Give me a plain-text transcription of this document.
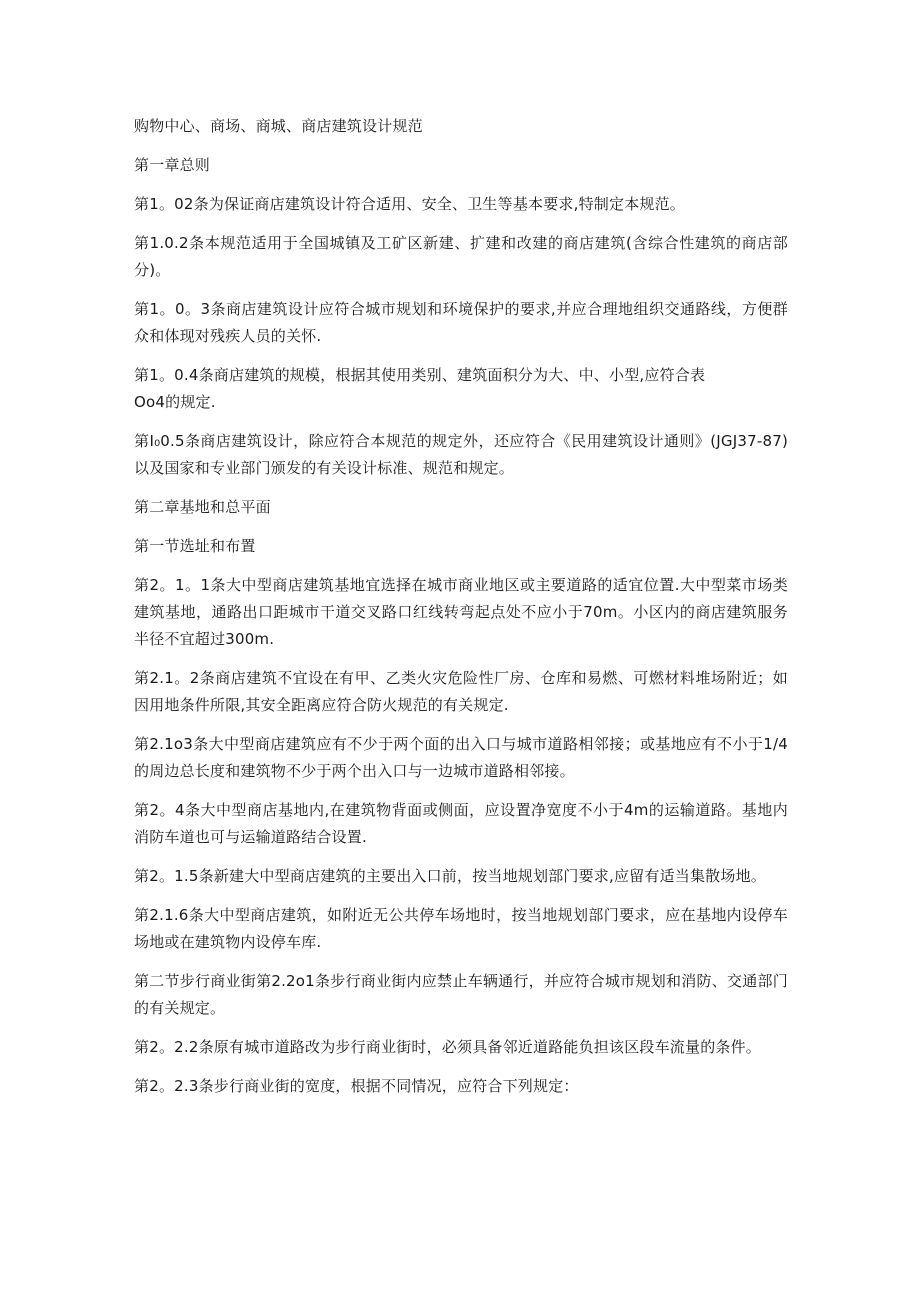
购物中心、商场、商城、商店建筑设计规范

第一章总则

第1。02条为保证商店建筑设计符合适用、安全、卫生等基本要求,特制定本规范。

第1.0.2条本规范适用于全国城镇及工矿区新建、扩建和改建的商店建筑(含综合性建筑的商店部分)。

第1。0。3条商店建筑设计应符合城市规划和环境保护的要求,并应合理地组织交通路线，方便群众和体现对残疾人员的关怀.

第1。0.4条商店建筑的规模，根据其使用类别、建筑面积分为大、中、小型,应符合表
Oo4的规定.

第I₀0.5条商店建筑设计，除应符合本规范的规定外，还应符合《民用建筑设计通则》(JGJ37-87)以及国家和专业部门颁发的有关设计标准、规范和规定。

第二章基地和总平面

第一节选址和布置

第2。1。1条大中型商店建筑基地宜选择在城市商业地区或主要道路的适宜位置.大中型菜市场类建筑基地，通路出口距城市干道交叉路口红线转弯起点处不应小于70m。小区内的商店建筑服务半径不宜超过300m.

第2.1。2条商店建筑不宜设在有甲、乙类火灾危险性厂房、仓库和易燃、可燃材料堆场附近；如因用地条件所限,其安全距离应符合防火规范的有关规定.

第2.1o3条大中型商店建筑应有不少于两个面的出入口与城市道路相邻接；或基地应有不小于1/4的周边总长度和建筑物不少于两个出入口与一边城市道路相邻接。

第2。4条大中型商店基地内,在建筑物背面或侧面，应设置净宽度不小于4m的运输道路。基地内消防车道也可与运输道路结合设置.

第2。1.5条新建大中型商店建筑的主要出入口前，按当地规划部门要求,应留有适当集散场地。

第2.1.6条大中型商店建筑，如附近无公共停车场地时，按当地规划部门要求，应在基地内设停车场地或在建筑物内设停车库.

第二节步行商业街第2.2o1条步行商业街内应禁止车辆通行，并应符合城市规划和消防、交通部门的有关规定。

第2。2.2条原有城市道路改为步行商业街时，必须具备邻近道路能负担该区段车流量的条件。

第2。2.3条步行商业街的宽度，根据不同情况，应符合下列规定：
